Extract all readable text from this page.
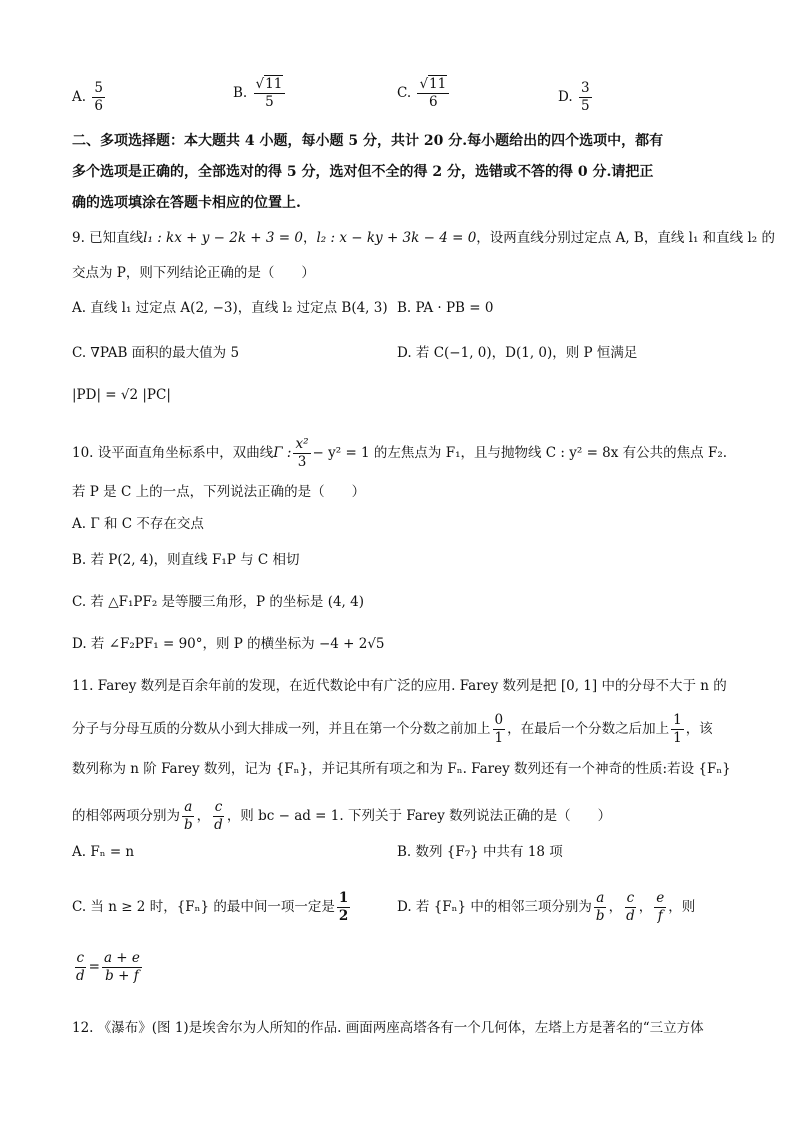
A. $\frac{5}{6}$	B. $\frac{√11}{5}$	C. $\frac{√11}{6}$	D. $\frac{3}{5}$
二、多项选择题：本大题共 4 小题，每小题 5 分，共计 20 分.每小题给出的四个选项中，都有
多个选项是正确的，全部选对的得 5 分，选对但不全的得 2 分，选错或不答的得 0 分.请把正
确的选项填涂在答题卡相应的位置上.
9. 已知直线l₁ : kx + y − 2k + 3 = 0，l₂ : x − ky + 3k − 4 = 0，设两直线分别过定点 A, B，直线 l₁ 和直线 l₂ 的
交点为 P，则下列结论正确的是（　　）
A. 直线 l₁ 过定点 A(2, −3)，直线 l₂ 过定点 B(4, 3) B. PA · PB = 0
C. ∇PAB 面积的最大值为 5	D. 若 C(−1, 0)，D(1, 0)，则 P 恒满足
|PD| = √2 |PC|
10. 设平面直角坐标系中，双曲线Γ : $\frac{\text{x²}}{3} - y^2 = 1$ 的左焦点为 F₁，且与抛物线 C : y² = 8x 有公共的焦点 F₂.
若 P 是 C 上的一点，下列说法正确的是（　　）
A. Γ 和 C 不存在交点
B. 若 P(2, 4)，则直线 F₁P 与 C 相切
C. 若 △F₁PF₂ 是等腰三角形，P 的坐标是 (4, 4)
D. 若 ∠F₂PF₁ = 90°，则 P 的横坐标为 −4 + 2√5
11. Farey 数列是百余年前的发现，在近代数论中有广泛的应用. Farey 数列是把 [0, 1] 中的分母不大于 n 的
分子与分母互质的分数从小到大排成一列，并且在第一个分数之前加上 $\frac{0}{1}$ ，在最后一个分数之后加上 $\frac{1}{1}$ ，该
数列称为 n 阶 Farey 数列，记为 {Fₙ}，并记其所有项之和为 Fₙ. Farey 数列还有一个神奇的性质:若设 {Fₙ}
的相邻两项分别为 $\frac{a}{b}$ ， $\frac{c}{d}$ ，则 bc − ad = 1. 下列关于 Farey 数列说法正确的是（　　）
A. Fₙ = n	B. 数列 {F₇} 中共有 18 项
C. 当 n ≥ 2 时，{Fₙ} 的最中间一项一定是 $\frac{1}{2}$	D. 若 {Fₙ} 中的相邻三项分别为 $\frac{a}{b}$ ， $\frac{c}{d}$ ， $\frac{e}{f}$ ，则
$\frac{c}{d} = \frac{a + e}{b + f}$
12. 《瀑布》(图 1)是埃舍尔为人所知的作品. 画面两座高塔各有一个几何体，左塔上方是著名的“三立方体
